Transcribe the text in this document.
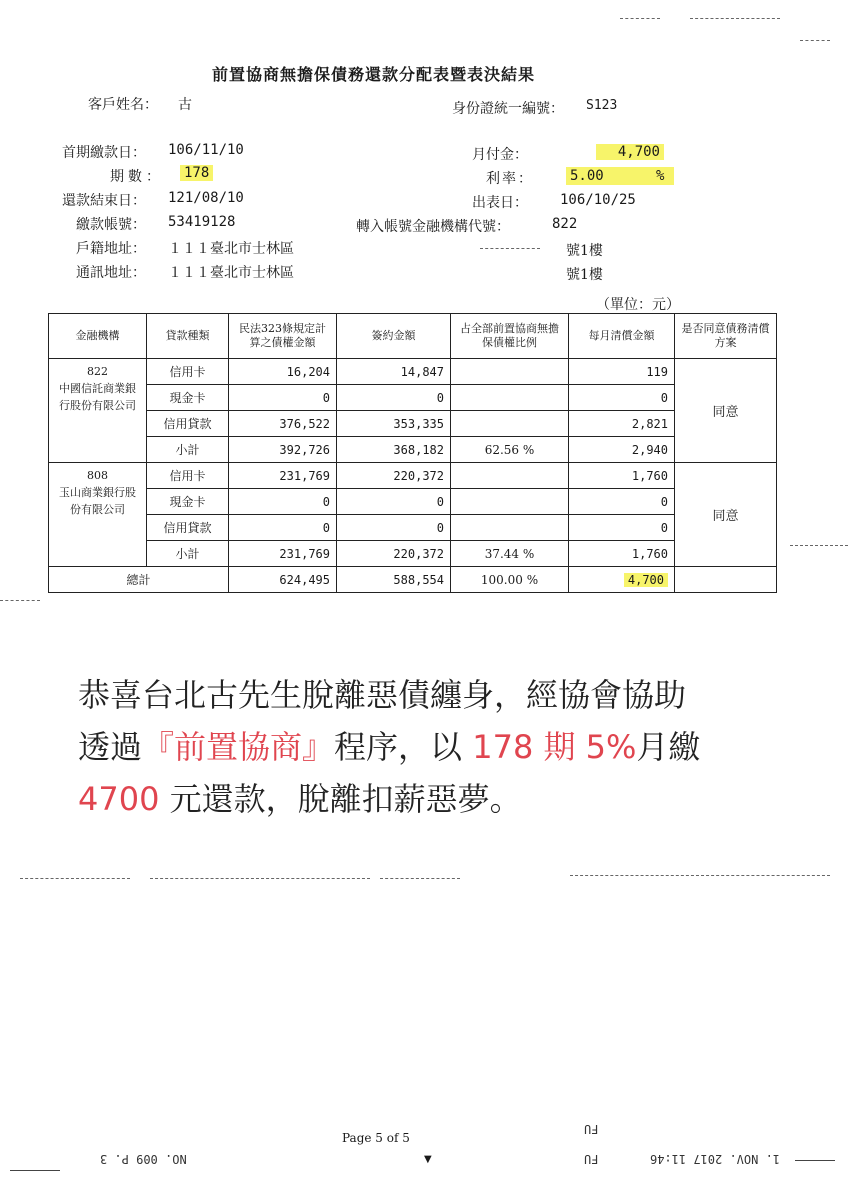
前置協商無擔保債務還款分配表暨表決結果
客戶姓名： 古	身份證統一編號： S123
首期繳款日： 106/11/10
期數： 178
還款結束日： 121/08/10
繳款帳號： 53419128
戶籍地址： １１１臺北市士林區
通訊地址： １１１臺北市士林區
月付金：	4,700
利率：	5.00	%
出表日： 106/10/25
轉入帳號金融機構代號：	822
號1樓
號1樓
（單位：元）
金融機構	貸款種類	民法323條規定計算之債權金額	簽約金額	占全部前置協商無擔保債權比例	每月清償金額	是否同意債務清償方案

822
中國信託商業銀行股份有限公司	信用卡	16,204	14,847		119	同意
	現金卡	0	0		0	
	信用貸款	376,522	353,335		2,821	
	小計	392,726	368,182	62.56 %	2,940	

808
玉山商業銀行股份有限公司	信用卡	231,769	220,372		1,760	同意
	現金卡	0	0		0	
	信用貸款	0	0		0	
	小計	231,769	220,372	37.44 %	1,760	
總計		624,495	588,554	100.00 %	4,700	
恭喜台北古先生脫離惡債纏身，經協會協助
透過『前置協商』程序，以 178 期 5%月繳
4700 元還款，脫離扣薪惡夢。
Page 5 of 5
▼
NO. 009 P. 3
FU
FU	1. NOV. 2017 11:46
